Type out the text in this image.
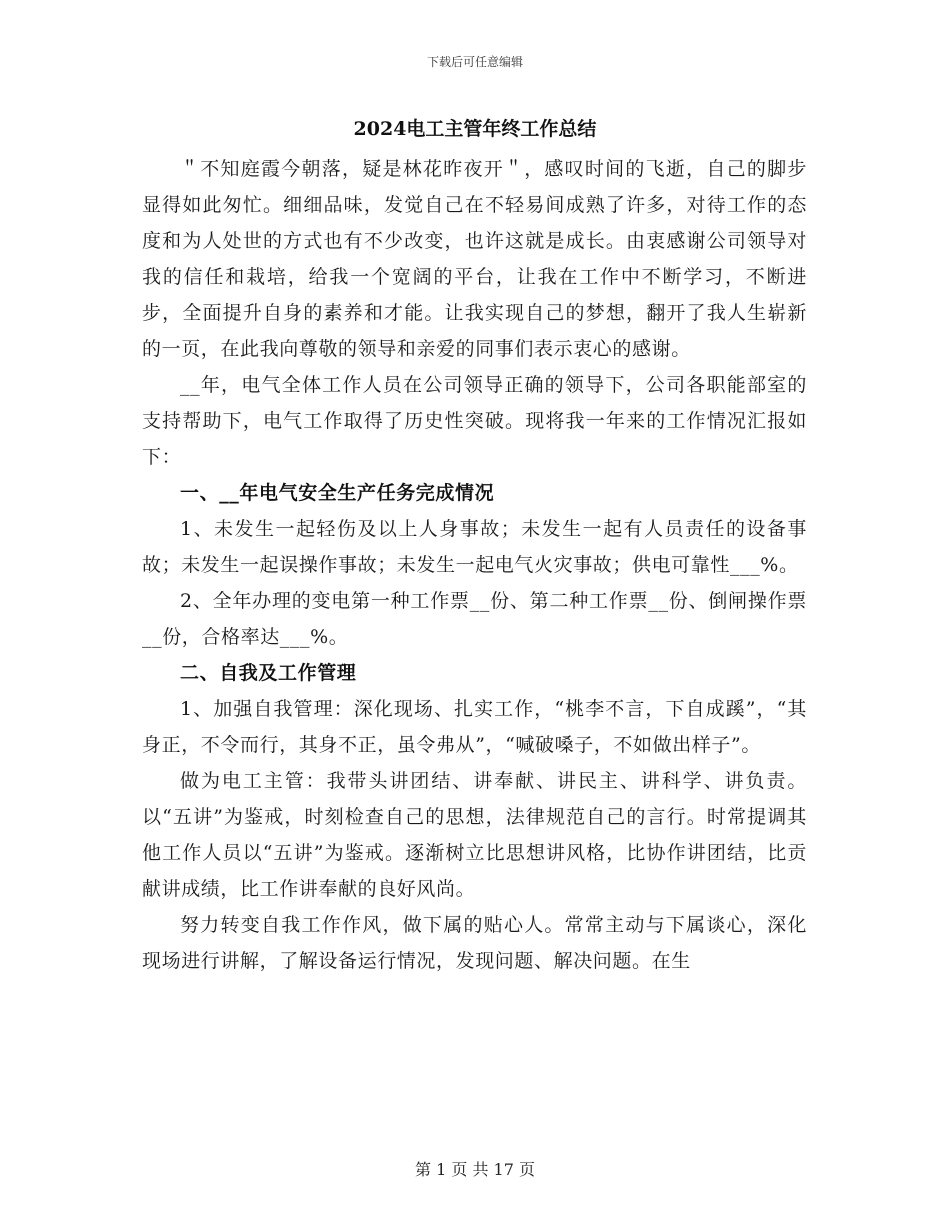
下载后可任意编辑
2024电工主管年终工作总结

＂不知庭霞今朝落，疑是林花昨夜开＂，感叹时间的飞逝，自己的脚步显得如此匆忙。细细品味，发觉自己在不轻易间成熟了许多，对待工作的态度和为人处世的方式也有不少改变，也许这就是成长。由衷感谢公司领导对我的信任和栽培，给我一个宽阔的平台，让我在工作中不断学习，不断进步，全面提升自身的素养和才能。让我实现自己的梦想，翻开了我人生崭新的一页，在此我向尊敬的领导和亲爱的同事们表示衷心的感谢。

__年，电气全体工作人员在公司领导正确的领导下，公司各职能部室的支持帮助下，电气工作取得了历史性突破。现将我一年来的工作情况汇报如下：

一、__年电气安全生产任务完成情况

1、未发生一起轻伤及以上人身事故；未发生一起有人员责任的设备事故；未发生一起误操作事故；未发生一起电气火灾事故；供电可靠性___%。

2、全年办理的变电第一种工作票__份、第二种工作票__份、倒闸操作票__份，合格率达___%。

二、自我及工作管理

1、加强自我管理：深化现场、扎实工作，“桃李不言，下自成蹊”，“其身正，不令而行，其身不正，虽令弗从”，“喊破嗓子，不如做出样子”。

做为电工主管：我带头讲团结、讲奉献、讲民主、讲科学、讲负责。以“五讲”为鉴戒，时刻检查自己的思想，法律规范自己的言行。时常提调其他工作人员以“五讲”为鉴戒。逐渐树立比思想讲风格，比协作讲团结，比贡献讲成绩，比工作讲奉献的良好风尚。

努力转变自我工作作风，做下属的贴心人。常常主动与下属谈心，深化现场进行讲解，了解设备运行情况，发现问题、解决问题。在生

第 1 页 共 17 页
